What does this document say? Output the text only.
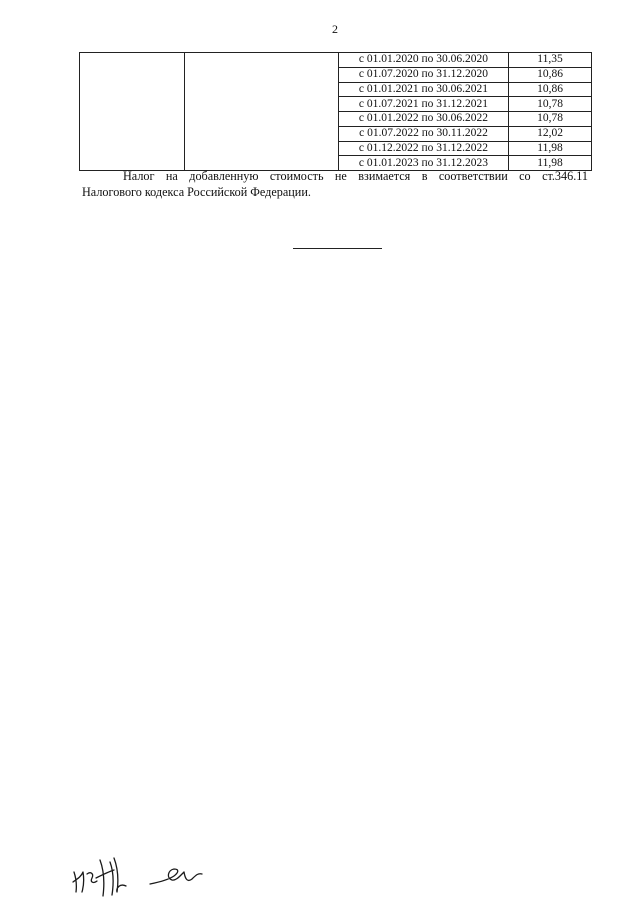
2
		с 01.01.2020 по 30.06.2020	11,35
		с 01.07.2020 по 31.12.2020	10,86
		с 01.01.2021 по 30.06.2021	10,86
		с 01.07.2021 по 31.12.2021	10,78
		с 01.01.2022 по 30.06.2022	10,78
		с 01.07.2022 по 30.11.2022	12,02
		с 01.12.2022 по 31.12.2022	11,98
		с 01.01.2023 по 31.12.2023	11,98
Налог на добавленную стоимость не взимается в соответствии со ст.346.11
Налогового кодекса Российской Федерации.
